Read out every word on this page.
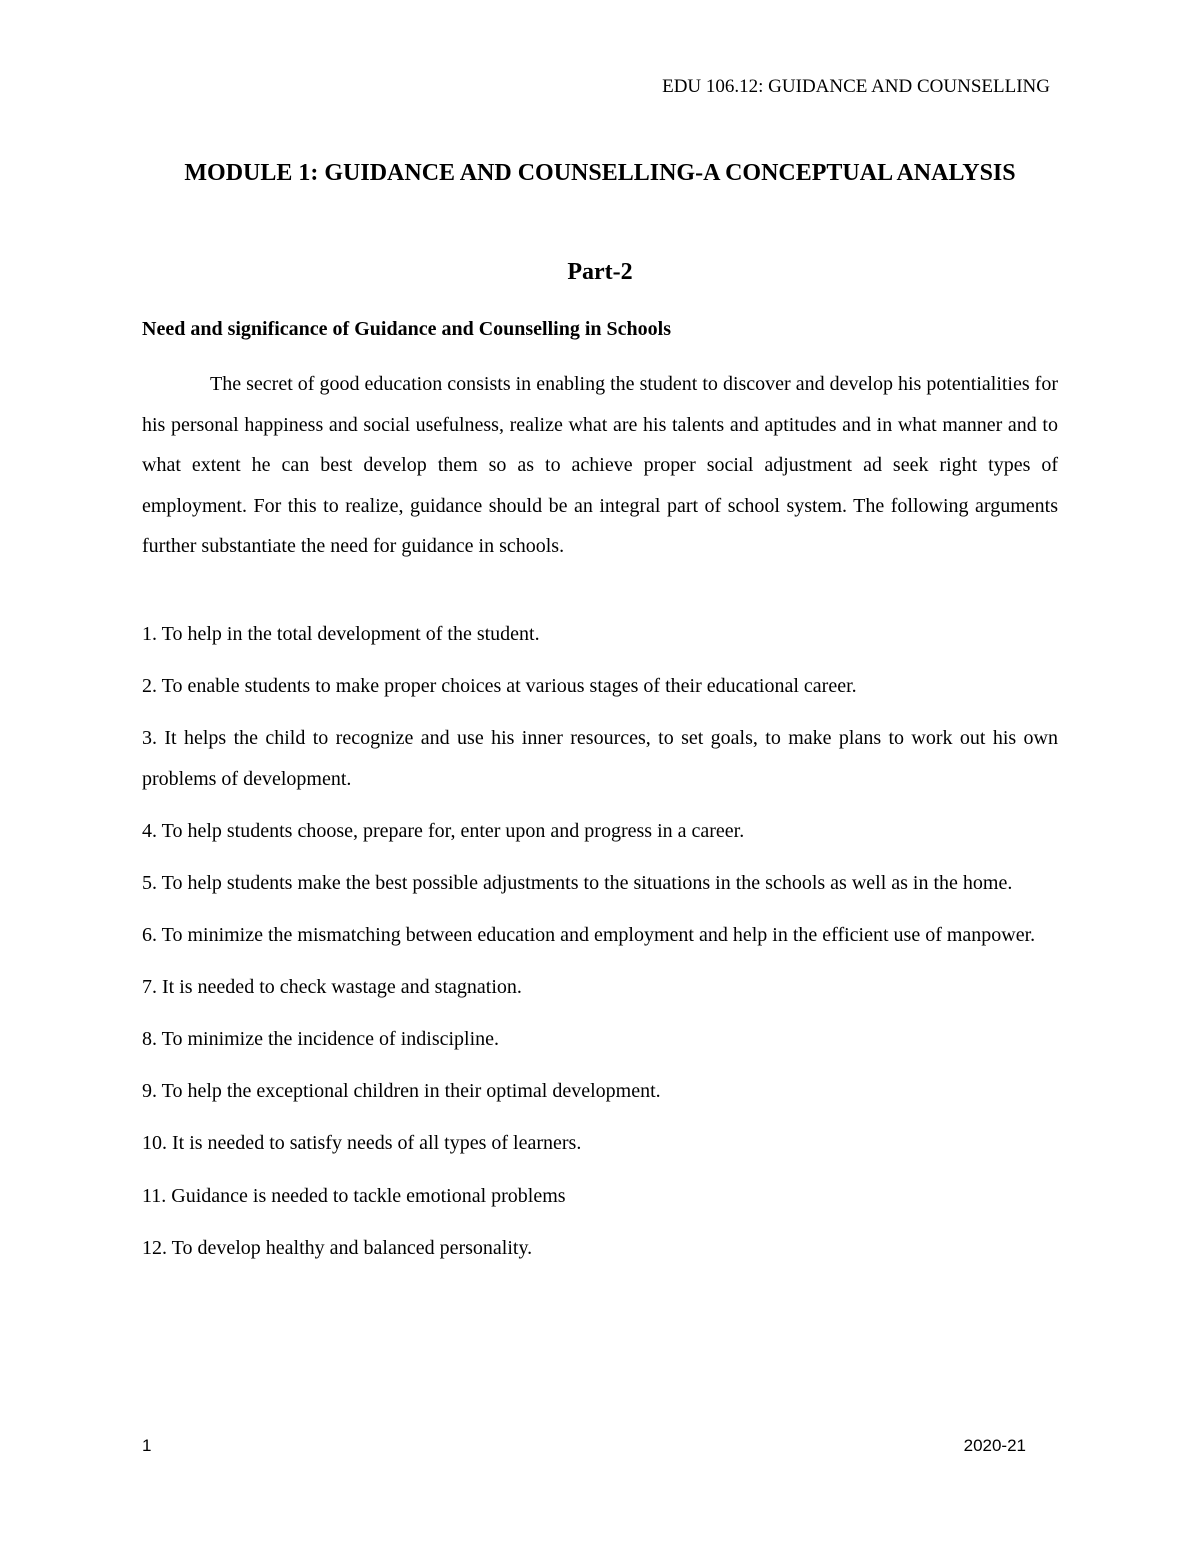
EDU 106.12: GUIDANCE AND COUNSELLING
MODULE 1: GUIDANCE AND COUNSELLING-A CONCEPTUAL ANALYSIS
Part-2
Need and significance of Guidance and Counselling in Schools

The secret of good education consists in enabling the student to discover and develop his potentialities for his personal happiness and social usefulness, realize what are his talents and aptitudes and in what manner and to what extent he can best develop them so as to achieve proper social adjustment ad seek right types of employment. For this to realize, guidance should be an integral part of school system. The following arguments further substantiate the need for guidance in schools.

1. To help in the total development of the student.
2. To enable students to make proper choices at various stages of their educational career.
3. It helps the child to recognize and use his inner resources, to set goals, to make plans to work out his own problems of development.
4. To help students choose, prepare for, enter upon and progress in a career.
5. To help students make the best possible adjustments to the situations in the schools as well as in the home.
6. To minimize the mismatching between education and employment and help in the efficient use of manpower.
7. It is needed to check wastage and stagnation.
8. To minimize the incidence of indiscipline.
9. To help the exceptional children in their optimal development.
10. It is needed to satisfy needs of all types of learners.
11. Guidance is needed to tackle emotional problems
12. To develop healthy and balanced personality.
1	2020-21
